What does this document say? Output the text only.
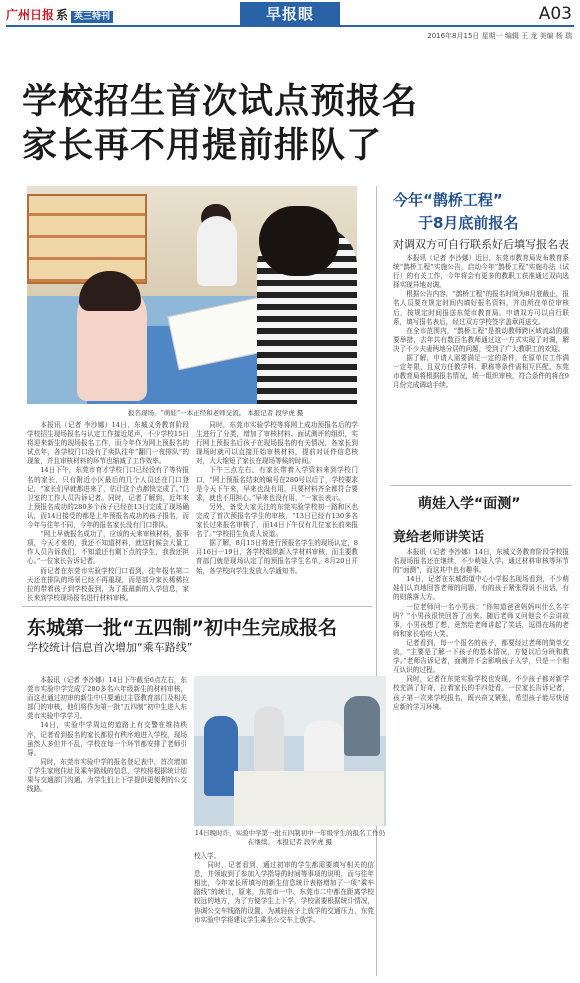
广州日报 系 英三特刊	早报眼	A03
2016年8月15日 星期一 编辑 王 龙 美编 杨 瑞
学校招生首次试点预报名
家长再不用提前排队了
报名现场，“萌娃”一本正经和老师交流。 本报记者 段学虎 摄

本报讯（记者 李沙娜）14日，东城义务教育阶段学校招生现场报名与认定工作接近尾声，不少学校15日将迎来新生的现场报名工作，而今年作为网上预报名的试点年，各学校门口没有了卖队往年“翻门一夜排队”的现象，并且审核材料的环节也缩减了工作效率。

14日下午，东莞市育才学校门口已经没有了等待报名的家长，只有附近小区最后的几个人员还在门口登记，“家长们早就都进来了，估计这个点都快完成了。”门卫室的工作人员告诉记者。同时，记者了解到，近年来上预报名成功的280多个孩子已经在13日完成了现场确认，而14日接受的都是上年预报名成功的孩子报名，而今年与往年不同，今年的报名家长没有门口排队。

“网上早就报名成功了，应该的天来审核材料，报事项，今天才来的，我还不知道材料，就这时候会大量工作人员告诉我们，不知道还有剩下点的学生，我我还担心。”一位家长告诉记者。

而记者在东莞市实验学校门口看到，往年报名第二天还在排队的场景已经不再重现，而是部分家长稀稀拉拉的带着孩子到学校报到，为了报最新的入学信息，家长来到学校现场报名进行材料审核。

同时，东莞市实验学校等将网上成功预报名后的学生进行了分类，增加了审核材料、面试测评的组织，实行网上预报名后孩子在现场报名的有关情况，各家长到现场时就可以直接开始审核材料，提前对证件信息核对，大大缩短了家长在现场等候的时间。

下午三点左右，有家长带着入学资料来到学校门口，“网上预报名结束的编号在280号以后了，学校要求是今天下午来，早来也没有用，只要材料齐全都符合要求，就也不用担心。”早来也没有用，“一家长表示。

另外，备受大家关注的东莞实验学校初一路和区也完成了首次预报名学生的审核，“13日已经有130多名家长过来报名审核了，而14日下午仅有几位家长前来报名了。”学校招生负责人说道。

据了解，8月15日将进行预报名学生的现场认定，8月16日一19日，各学校组织新入学材料审核，而主要教育部门就是现场认定了的预报名学生名单，8月20日开始，各学校向学生发放入学通知书。

今年“鹊桥工程”
于8月底前报名
对调双方可自行联系好后填写报名表

本报讯（记者 李沙娜）近日，东莞市教育局发布教育系统“鹊桥工程”实施公告，启动今年“鹊桥工程”实施办法（试行）的有关工作，今年将会有更多的教职工获准通过双向选择实现异地对调。

根据公告内容，“鹊桥工程”的报名时间为8月底截止，报名人员要在规定时间内填好报名资料，并由所在单位审核后，按规定时间报送东莞市教育局。申请双方可以自行联系，填写报名表后，经过双方学校签字盖章再送交。

在全市范围内，“鹊桥工程”是推动教师跨区域流动的重要举措，去年共有数百名教师通过这一方式实现了对调，解决了不少夫妻两地分居的问题，受到了广大教职工的欢迎。

据了解，申请人需要满足一定的条件，在原单位工作满一定年限，且双方任教学科、职称等条件需相互匹配。东莞市教育局将根据报名情况，统一组织审核，符合条件的将在9月份完成调动手续。

萌娃入学“面测”
竟给老师讲笑话

本报讯（记者 李沙娜）14日，东城义务教育阶段学校报名现场报名还在继续，不少萌娃入学，通过材料审核等环节的“面测”，而这其中也有趣事。

14日，记者在东城街道中心小学报名现场看到，不少萌娃们认真地回答老师的问题，有的孩子紧张得说不出话，有的则落落大方。

一位老师问一名小男孩：“你知道爸爸妈妈叫什么名字吗？”小男孩很快回答了出来。随后老师又问他会不会讲故事，小男孩想了想，竟然给老师讲起了笑话，逗得在场的老师和家长哈哈大笑。

记者看到，每一个报名的孩子，都要经过老师的简单交流，“主要是了解一下孩子的基本情况，方便以后分班和教学。”老师告诉记者，面测并不会影响孩子入学，只是一个相互认识的过程。

同时，记者在东莞实验学校也发现，不少孩子都对新学校充满了好奇，拉着家长的手四处看。一位家长告诉记者，孩子第一次来学校报名，既兴奋又紧张，希望孩子能尽快适应新的学习环境。

东城第一批“五四制”初中生完成报名
学校统计信息首次增加“乘车路线”

本报讯（记者 李沙娜）14日下午截至6点左右，东莞市实验中学完成了280多名六年级新生的材料审核，而这也通过初审的新生中只要通过主管教育部门及相关部门的审核，他们将作为第一批“五四制”初中生进入东莞市实验中学学习。

14日，实验中学周边的道路上有交警在维持秩序，记者看到报名的家长都很有秩序地进入学校，现场虽然人多但并不乱，学校在每一个环节都安排了老师引导。

同时，东莞市实验中学的报名登记表中，首次增加了学生家庭住址及乘车路线的信息，学校将根据统计结果与交通部门沟通，为学生们上下学提供更便利的公交线路。

14日晚时许，实验中学第一批五四制初中一年级学生的报名工作仍在继续。 本报记者 段学虎 摄

校入学。

同时，记者看到，通过初审的学生都需要填写相关的信息，并领取到了参加入学指导的时间等事项的说明，而与往年相比，今年家长所填写的新生信息统计表格增加了一项“乘车路线”的统计，原来，东莞市一中、东莞市二中都在距离学校较远的地方，为了方便学生上下学，学校需要根据统计情况，协调公交车线路的设置，为减轻孩子上放学的交通压力，东莞市实验中学将建议学生乘坐公交车上放学。
